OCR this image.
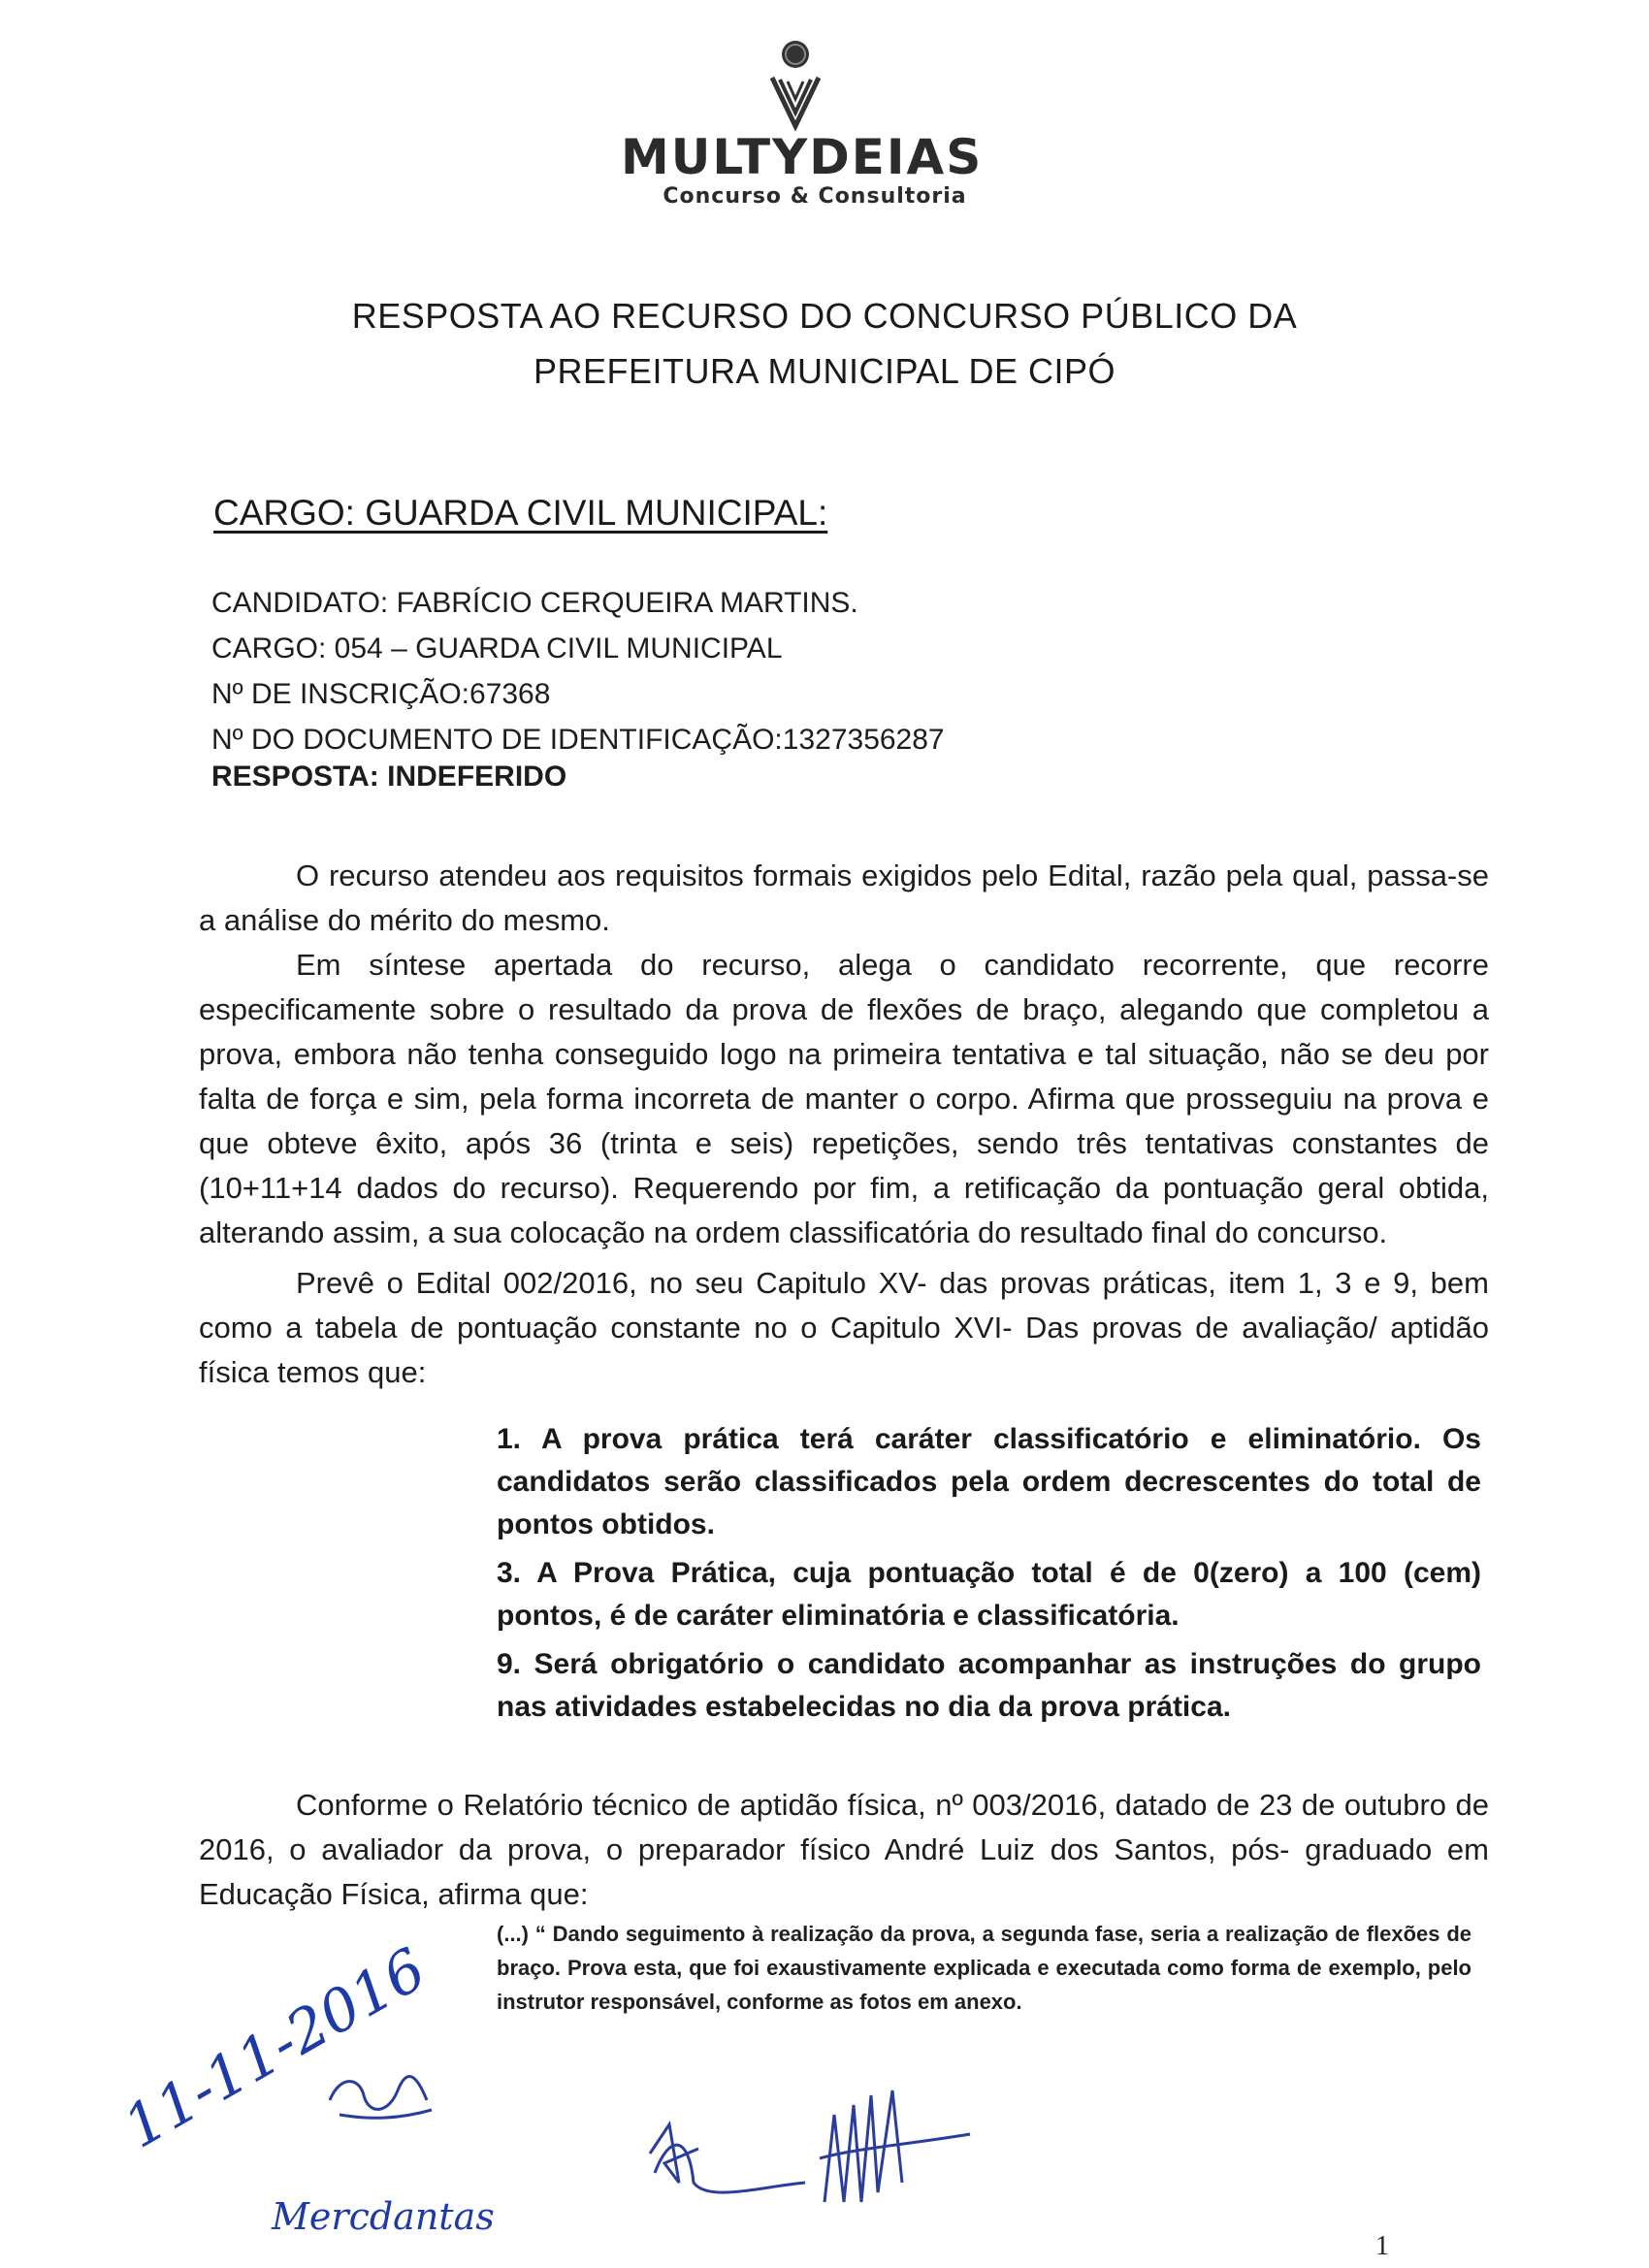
MULTYDEIAS
Concurso & Consultoria
RESPOSTA AO RECURSO DO CONCURSO PÚBLICO DA
PREFEITURA MUNICIPAL DE CIPÓ
CARGO: GUARDA CIVIL MUNICIPAL:
CANDIDATO: FABRÍCIO CERQUEIRA MARTINS.
CARGO: 054 – GUARDA CIVIL MUNICIPAL
Nº DE INSCRIÇÃO:67368
Nº DO DOCUMENTO DE IDENTIFICAÇÃO:1327356287
RESPOSTA: INDEFERIDO
O recurso atendeu aos requisitos formais exigidos pelo Edital, razão pela qual, passa-se a análise do mérito do mesmo.
Em síntese apertada do recurso, alega o candidato recorrente, que recorre especificamente sobre o resultado da prova de flexões de braço, alegando que completou a prova, embora não tenha conseguido logo na primeira tentativa e tal situação, não se deu por falta de força e sim, pela forma incorreta de manter o corpo. Afirma que prosseguiu na prova e que obteve êxito, após 36 (trinta e seis) repetições, sendo três tentativas constantes de (10+11+14 dados do recurso). Requerendo por fim, a retificação da pontuação geral obtida, alterando assim, a sua colocação na ordem classificatória do resultado final do concurso.
Prevê o Edital 002/2016, no seu Capitulo XV- das provas práticas, item 1, 3 e 9, bem como a tabela de pontuação constante no o Capitulo XVI- Das provas de avaliação/ aptidão física temos que:
1. A prova prática terá caráter classificatório e eliminatório. Os candidatos serão classificados pela ordem decrescentes do total de pontos obtidos.
3. A Prova Prática, cuja pontuação total é de 0(zero) a 100 (cem) pontos, é de caráter eliminatória e classificatória.
9. Será obrigatório o candidato acompanhar as instruções do grupo nas atividades estabelecidas no dia da prova prática.
Conforme o Relatório técnico de aptidão física, nº 003/2016, datado de 23 de outubro de 2016, o avaliador da prova, o preparador físico André Luiz dos Santos, pós- graduado em Educação Física, afirma que:
(...) “ Dando seguimento à realização da prova, a segunda fase, seria a realização de flexões de braço. Prova esta, que foi exaustivamente explicada e executada como forma de exemplo, pelo instrutor responsável, conforme as fotos em anexo.
11-11-2016
Mercdantas
1
